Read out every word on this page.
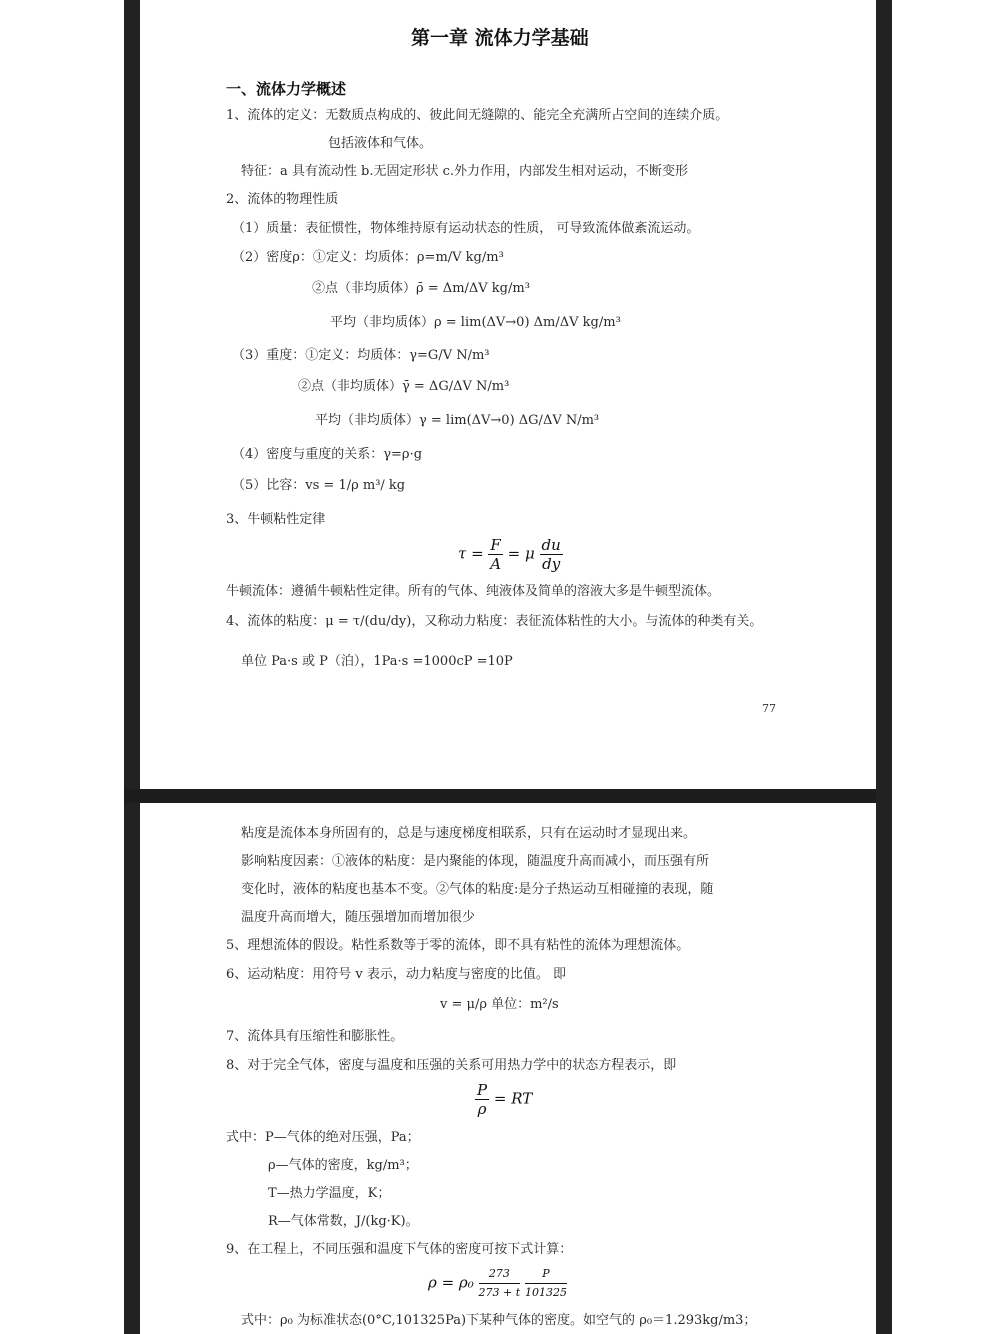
第一章 流体力学基础
一、流体力学概述
1、流体的定义：无数质点构成的、彼此间无缝隙的、能完全充满所占空间的连续介质。
包括液体和气体。
特征：a 具有流动性 b.无固定形状 c.外力作用，内部发生相对运动，不断变形
2、流体的物理性质
（1）质量：表征惯性，物体维持原有运动状态的性质， 可导致流体做紊流运动。
（2）密度ρ：①定义：均质体：ρ=m/V kg/m³
②点（非均质体）ρ̄ = Δm/ΔV kg/m³
平均（非均质体）ρ = lim(ΔV→0) Δm/ΔV kg/m³
（3）重度：①定义：均质体：γ=G/V N/m³
②点（非均质体）γ̄ = ΔG/ΔV N/m³
平均（非均质体）γ = lim(ΔV→0) ΔG/ΔV N/m³
（4）密度与重度的关系：γ=ρ·g
（5）比容：vs = 1/ρ m³/ kg
3、牛顿粘性定律
$\tau = \frac{F}{A} = \mu \frac{du}{dy}$
牛顿流体：遵循牛顿粘性定律。所有的气体、纯液体及简单的溶液大多是牛顿型流体。
4、流体的粘度：μ = τ/(du/dy)，又称动力粘度：表征流体粘性的大小。与流体的种类有关。
单位 Pa·s 或 P（泊），1Pa·s =1000cP =10P
77
粘度是流体本身所固有的，总是与速度梯度相联系，只有在运动时才显现出来。
影响粘度因素：①液体的粘度：是内聚能的体现，随温度升高而减小，而压强有所
变化时，液体的粘度也基本不变。②气体的粘度:是分子热运动互相碰撞的表现，随
温度升高而增大，随压强增加而增加很少
5、理想流体的假设。粘性系数等于零的流体，即不具有粘性的流体为理想流体。
6、运动粘度：用符号 v 表示，动力粘度与密度的比值。 即
v = μ/ρ 单位：m²/s
7、流体具有压缩性和膨胀性。
8、对于完全气体，密度与温度和压强的关系可用热力学中的状态方程表示，即
$\frac{P}{\rho}$ = RT
式中：P—气体的绝对压强，Pa；
ρ—气体的密度，kg/m³；
T—热力学温度，K；
R—气体常数，J/(kg·K)。
9、在工程上，不同压强和温度下气体的密度可按下式计算：
$\rho = \rho_0 \frac{273}{273 + t}$
$\frac{P}{101325}$
式中：ρ₀ 为标准状态(0°C,101325Pa)下某种气体的密度。如空气的 ρ₀＝1.293kg/m3；
